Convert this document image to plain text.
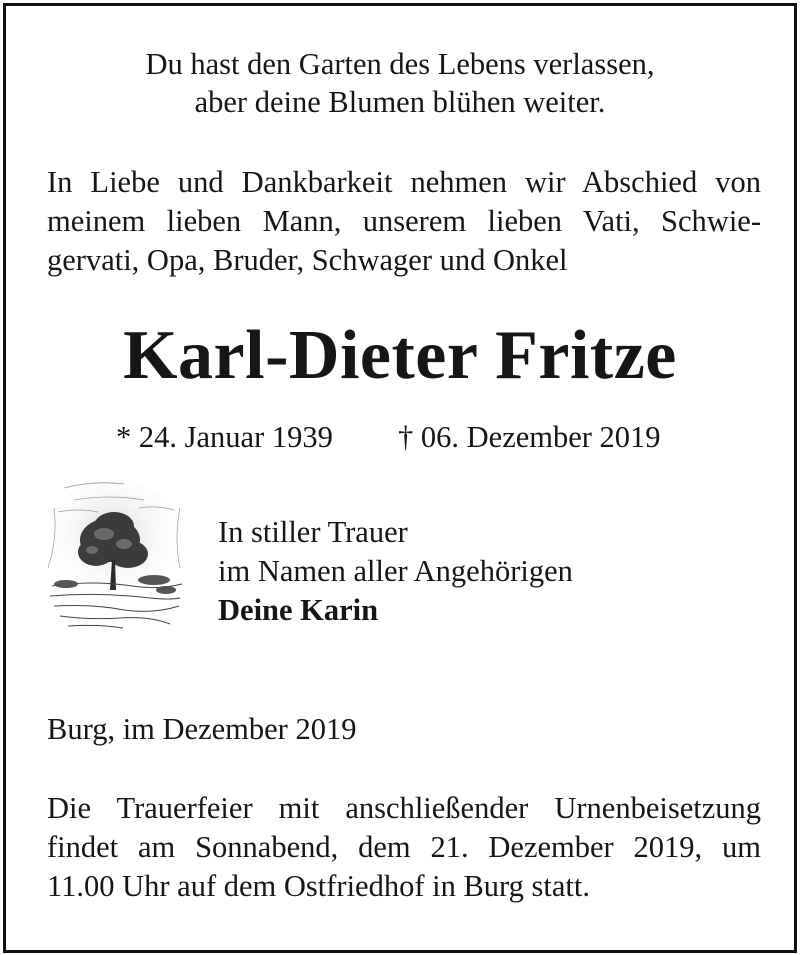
Du hast den Garten des Lebens verlassen,
aber deine Blumen blühen weiter.
In Liebe und Dankbarkeit nehmen wir Abschied von
meinem lieben Mann, unserem lieben Vati, Schwie-
gervati, Opa, Bruder, Schwager und Onkel
Karl-Dieter Fritze
* 24. Januar 1939 † 06. Dezember 2019
In stiller Trauer
im Namen aller Angehörigen
Deine Karin
Burg, im Dezember 2019
Die Trauerfeier mit anschließender Urnenbeisetzung
findet am Sonnabend, dem 21. Dezember 2019, um
11.00 Uhr auf dem Ostfriedhof in Burg statt.
